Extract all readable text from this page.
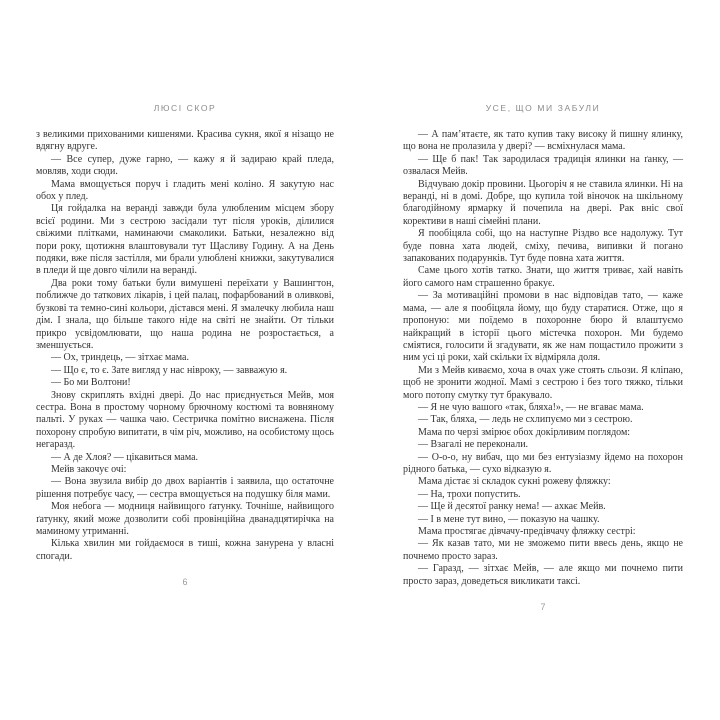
ЛЮСІ СКОР

з великими прихованими кишенями. Красива сукня, якої я нізащо не вдягну вдруге.

— Все супер, дуже гарно, — кажу я й задираю край пледа, мовляв, ходи сюди.

Мама вмощується поруч і гладить мені коліно. Я закутую нас обох у плед.

Ця гойдалка на веранді завжди була улюбленим місцем збору всієї родини. Ми з сестрою засідали тут після уроків, ділилися свіжими плітками, наминаючи смаколики. Батьки, незалежно від пори року, щотижня влаштовували тут Щасливу Годину. А на День подяки, вже після застілля, ми брали улюблені книжки, закутувалися в пледи й ще довго чілили на веранді.

Два роки тому батьки були вимушені переїхати у Вашингтон, поближче до таткових лікарів, і цей палац, пофарбований в оливкові, бузкові та темно-сині кольори, дістався мені. Я змалечку любила наш дім. І знала, що більше такого ніде на світі не знайти. От тільки прикро усвідомлювати, що наша родина не розростається, а зменшується.

— Ох, триндець, — зітхає мама.

— Що є, то є. Зате вигляд у нас нівроку, — завважую я.

— Бо ми Волтони!

Знову скриплять вхідні двері. До нас приєднується Мейв, моя сестра. Вона в простому чорному брючному костюмі та вовняному пальті. У руках — чашка чаю. Сестричка помітно виснажена. Після похорону спробую випитати, в чім річ, можливо, на особистому щось негаразд.

— А де Хлоя? — цікавиться мама.

Мейв закочує очі:

— Вона звузила вибір до двох варіантів і заявила, що остаточне рішення потребує часу, — сестра вмощується на подушку біля мами.

Моя небога — модниця найвищого ґатунку. Точніше, найвищого ґатунку, який може дозволити собі провінційна дванадцятирічка на маминому утриманні.

Кілька хвилин ми гойдаємося в тиші, кожна занурена у власні спогади.

6
УСЕ, ЩО МИ ЗАБУЛИ

— А пам’ятаєте, як тато купив таку високу й пишну ялинку, що вона не пролазила у двері? — всміхнулася мама.

— Ще б пак! Так зародилася традиція ялинки на ґанку, — озвалася Мейв.

Відчуваю докір провини. Цьогоріч я не ставила ялинки. Ні на веранді, ні в домі. Добре, що купила той віночок на шкільному благодійному ярмарку й почепила на двері. Рак вніс свої корективи в наші сімейні плани.

Я пообіцяла собі, що на наступне Різдво все надолужу. Тут буде повна хата людей, сміху, печива, випивки й погано запакованих подарунків. Тут буде повна хата життя.

Саме цього хотів татко. Знати, що життя триває, хай навіть його самого нам страшенно бракує.

— За мотиваційні промови в нас відповідав тато, — каже мама, — але я пообіцяла йому, що буду старатися. Отже, що я пропоную: ми поїдемо в похоронне бюро й влаштуємо найкращий в історії цього містечка похорон. Ми будемо сміятися, голосити й згадувати, як же нам пощастило прожити з ним усі ці роки, хай скільки їх відміряла доля.

Ми з Мейв киваємо, хоча в очах уже стоять сльози. Я кліпаю, щоб не зронити жодної. Мамі з сестрою і без того тяжко, тільки мого потопу смутку тут бракувало.

— Я не чую вашого «так, бляха!», — не вгаває мама.

— Так, бляха, — ледь не схлипуємо ми з сестрою.

Мама по черзі змірює обох докірливим поглядом:

— Взагалі не переконали.

— О-о-о, ну вибач, що ми без ентузіазму йдемо на похорон рідного батька, — сухо відказую я.

Мама дістає зі складок сукні рожеву фляжку:

— На, трохи попустить.

— Ще й десятої ранку нема! — ахкає Мейв.

— І в мене тут вино, — показую на чашку.

Мама простягає дівчачу-предівчачу фляжку сестрі:

— Як казав тато, ми не зможемо пити ввесь день, якщо не почнемо просто зараз.

— Гаразд, — зітхає Мейв, — але якщо ми почнемо пити просто зараз, доведеться викликати таксі.

7
